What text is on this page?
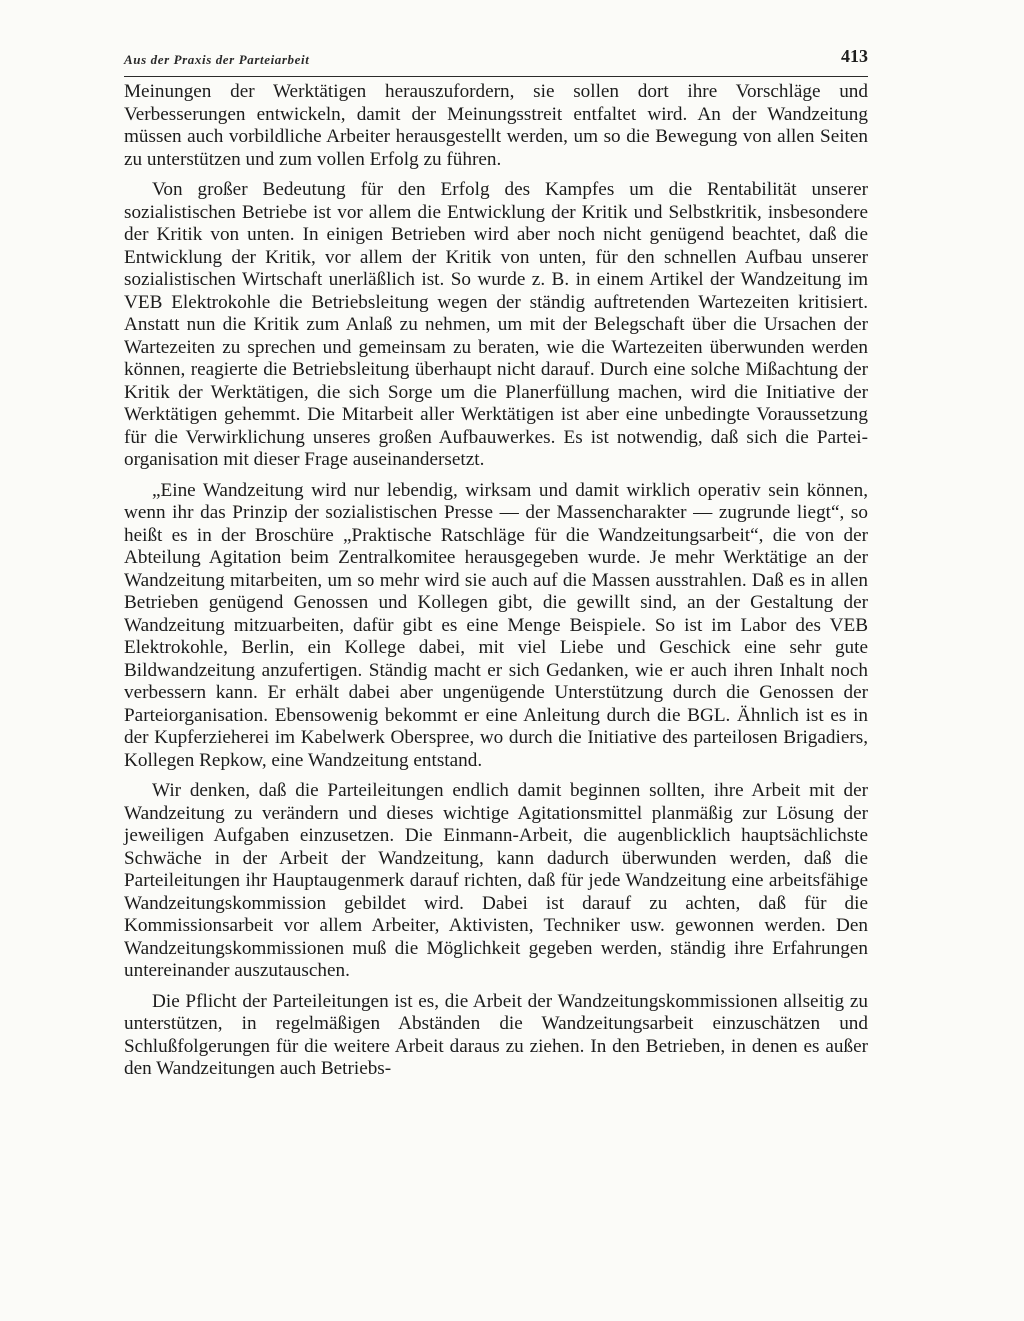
Aus der Praxis der Parteiarbeit	413

Meinungen der Werktätigen herauszufordern, sie sollen dort ihre Vorschläge und Verbesserungen entwickeln, damit der Meinungsstreit entfaltet wird. An der Wandzeitung müssen auch vorbildliche Arbeiter herausgestellt werden, um so die Bewegung von allen Seiten zu unterstützen und zum vollen Erfolg zu führen.

Von großer Bedeutung für den Erfolg des Kampfes um die Rentabilität unserer sozialistischen Betriebe ist vor allem die Entwicklung der Kritik und Selbstkritik, insbesondere der Kritik von unten. In einigen Betrieben wird aber noch nicht genügend beachtet, daß die Entwicklung der Kritik, vor allem der Kritik von unten, für den schnellen Aufbau unserer sozialistischen Wirtschaft unerläßlich ist. So wurde z. B. in einem Artikel der Wandzeitung im VEB Elektrokohle die Betriebsleitung wegen der ständig auftretenden Wartezeiten kritisiert. Anstatt nun die Kritik zum Anlaß zu nehmen, um mit der Belegschaft über die Ursachen der Wartezeiten zu sprechen und gemeinsam zu beraten, wie die Wartezeiten überwunden werden können, reagierte die Betriebsleitung überhaupt nicht darauf. Durch eine solche Mißachtung der Kritik der Werktätigen, die sich Sorge um die Planerfüllung machen, wird die Initiative der Werktätigen gehemmt. Die Mitarbeit aller Werktätigen ist aber eine unbedingte Voraussetzung für die Verwirklichung unseres großen Aufbauwerkes. Es ist notwendig, daß sich die Parteiorganisation mit dieser Frage auseinandersetzt.

„Eine Wandzeitung wird nur lebendig, wirksam und damit wirklich operativ sein können, wenn ihr das Prinzip der sozialistischen Presse — der Massencharakter — zugrunde liegt“, so heißt es in der Broschüre „Praktische Ratschläge für die Wandzeitungsarbeit“, die von der Abteilung Agitation beim Zentralkomitee herausgegeben wurde. Je mehr Werktätige an der Wandzeitung mitarbeiten, um so mehr wird sie auch auf die Massen ausstrahlen. Daß es in allen Betrieben genügend Genossen und Kollegen gibt, die gewillt sind, an der Gestaltung der Wandzeitung mitzuarbeiten, dafür gibt es eine Menge Beispiele. So ist im Labor des VEB Elektrokohle, Berlin, ein Kollege dabei, mit viel Liebe und Geschick eine sehr gute Bildwandzeitung anzufertigen. Ständig macht er sich Gedanken, wie er auch ihren Inhalt noch verbessern kann. Er erhält dabei aber ungenügende Unterstützung durch die Genossen der Parteiorganisation. Ebensowenig bekommt er eine Anleitung durch die BGL. Ähnlich ist es in der Kupferzieherei im Kabelwerk Oberspree, wo durch die Initiative des parteilosen Brigadiers, Kollegen Repkow, eine Wandzeitung entstand.

Wir denken, daß die Parteileitungen endlich damit beginnen sollten, ihre Arbeit mit der Wandzeitung zu verändern und dieses wichtige Agitationsmittel planmäßig zur Lösung der jeweiligen Aufgaben einzusetzen. Die Einmann-Arbeit, die augenblicklich hauptsächlichste Schwäche in der Arbeit der Wandzeitung, kann dadurch überwunden werden, daß die Parteileitungen ihr Hauptaugenmerk darauf richten, daß für jede Wandzeitung eine arbeitsfähige Wandzeitungskommission gebildet wird. Dabei ist darauf zu achten, daß für die Kommissionsarbeit vor allem Arbeiter, Aktivisten, Techniker usw. gewonnen werden. Den Wandzeitungskommissionen muß die Möglichkeit gegeben werden, ständig ihre Erfahrungen untereinander auszutauschen.

Die Pflicht der Parteileitungen ist es, die Arbeit der Wandzeitungskommissionen allseitig zu unterstützen, in regelmäßigen Abständen die Wandzeitungsarbeit einzuschätzen und Schlußfolgerungen für die weitere Arbeit daraus zu ziehen. In den Betrieben, in denen es außer den Wandzeitungen auch Betriebs-
